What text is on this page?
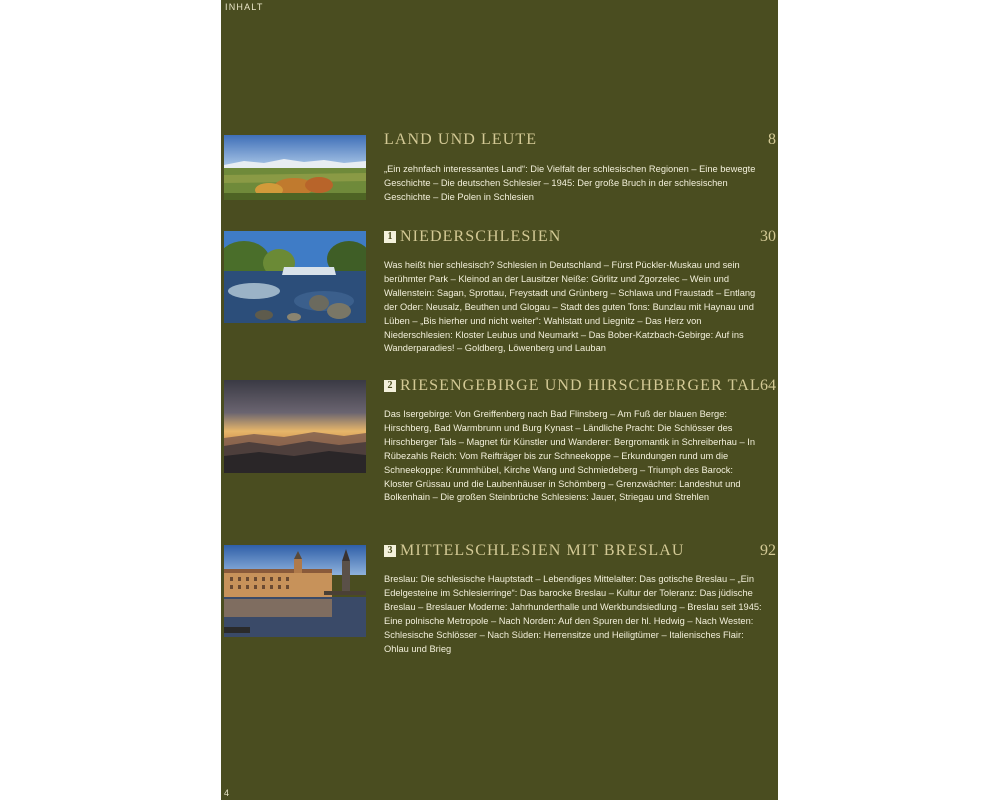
INHALT
LAND UND LEUTE	8
„Ein zehnfach interessantes Land“: Die Vielfalt der schlesischen Regionen – Eine bewegte Geschichte – Die deutschen Schlesier – 1945: Der große Bruch in der schlesischen Geschichte – Die Polen in Schlesien
1 NIEDERSCHLESIEN	30
Was heißt hier schlesisch? Schlesien in Deutschland – Fürst Pückler-Muskau und sein berühmter Park – Kleinod an der Lausitzer Neiße: Görlitz und Zgorzelec – Wein und Wallenstein: Sagan, Sprottau, Freystadt und Grünberg – Schlawa und Fraustadt – Entlang der Oder: Neusalz, Beuthen und Glogau – Stadt des guten Tons: Bunzlau mit Haynau und Lüben – „Bis hierher und nicht weiter“: Wahlstatt und Liegnitz – Das Herz von Niederschlesien: Kloster Leubus und Neumarkt – Das Bober-Katzbach-Gebirge: Auf ins Wanderparadies! – Goldberg, Löwenberg und Lauban
2 RIESENGEBIRGE UND HIRSCHBERGER TAL 64
Das Isergebirge: Von Greiffenberg nach Bad Flinsberg – Am Fuß der blauen Berge: Hirschberg, Bad Warmbrunn und Burg Kynast – Ländliche Pracht: Die Schlösser des Hirschberger Tals – Magnet für Künstler und Wanderer: Bergromantik in Schreiberhau – In Rübezahls Reich: Vom Reifträger bis zur Schneekoppe – Erkundungen rund um die Schneekoppe: Krummhübel, Kirche Wang und Schmiedeberg – Triumph des Barock: Kloster Grüssau und die Laubenhäuser in Schömberg – Grenzwächter: Landeshut und Bolkenhain – Die großen Steinbrüche Schlesiens: Jauer, Striegau und Strehlen
3 MITTELSCHLESIEN MIT BRESLAU	92
Breslau: Die schlesische Hauptstadt – Lebendiges Mittelalter: Das gotische Breslau – „Ein Edelgesteine im Schlesierringe“: Das barocke Breslau – Kultur der Toleranz: Das jüdische Breslau – Breslauer Moderne: Jahrhunderthalle und Werkbundsiedlung – Breslau seit 1945: Eine polnische Metropole – Nach Norden: Auf den Spuren der hl. Hedwig – Nach Westen: Schlesische Schlösser – Nach Süden: Herrensitze und Heiligtümer – Italienisches Flair: Ohlau und Brieg
4
